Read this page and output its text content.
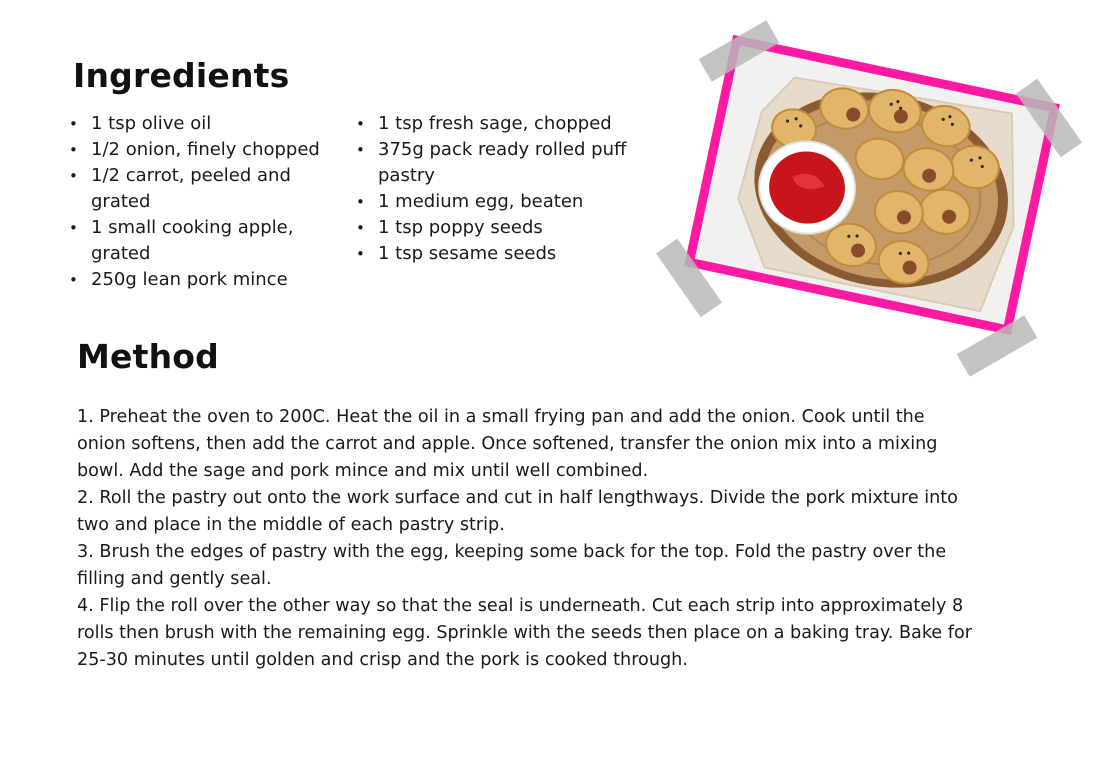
Ingredients
• 1 tsp olive oil
• 1/2 onion, finely chopped
• 1/2 carrot, peeled and grated
• 1 small cooking apple, grated
• 250g lean pork mince
• 1 tsp fresh sage, chopped
• 375g pack ready rolled puff pastry
• 1 medium egg, beaten
• 1 tsp poppy seeds
• 1 tsp sesame seeds
Method

1. Preheat the oven to 200C. Heat the oil in a small frying pan and add the onion. Cook until the onion softens, then add the carrot and apple. Once softened, transfer the onion mix into a mixing bowl. Add the sage and pork mince and mix until well combined.

2. Roll the pastry out onto the work surface and cut in half lengthways. Divide the pork mixture into two and place in the middle of each pastry strip.

3. Brush the edges of pastry with the egg, keeping some back for the top. Fold the pastry over the filling and gently seal.

4. Flip the roll over the other way so that the seal is underneath. Cut each strip into approximately 8 rolls then brush with the remaining egg. Sprinkle with the seeds then place on a baking tray. Bake for 25-30 minutes until golden and crisp and the pork is cooked through.
